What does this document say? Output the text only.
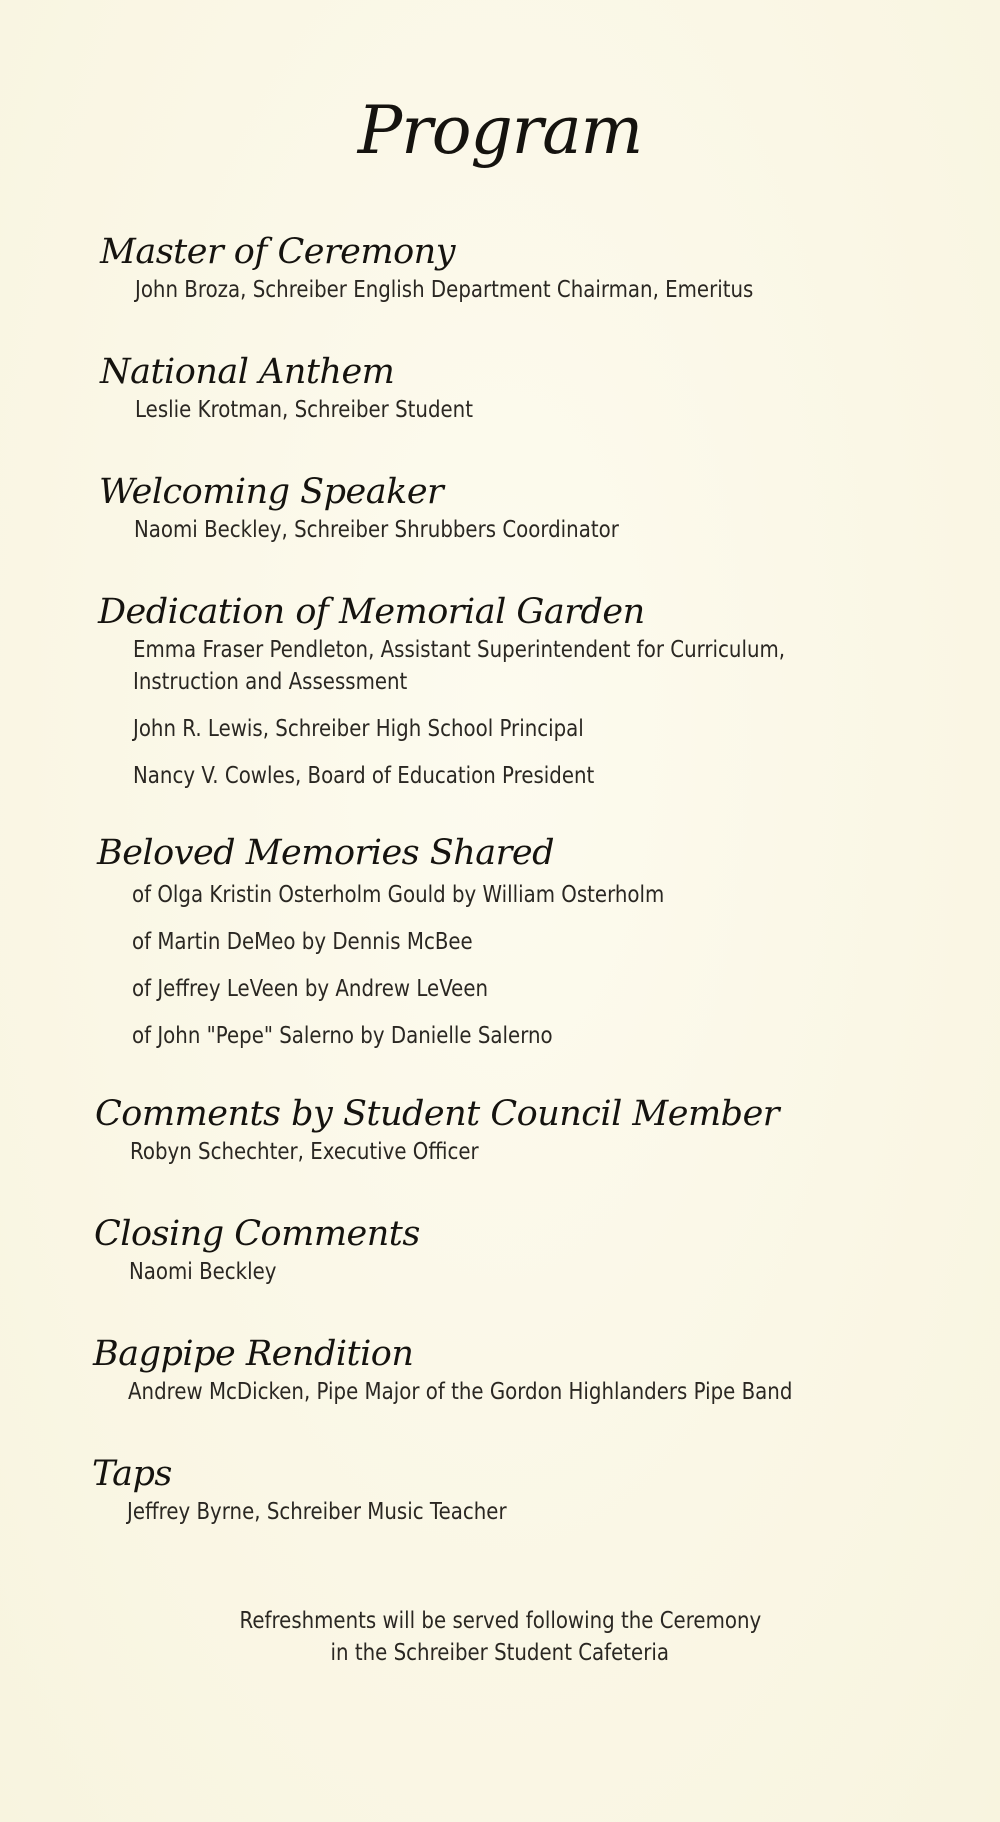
Program
Master of Ceremony
John Broza, Schreiber English Department Chairman, Emeritus
National Anthem
Leslie Krotman, Schreiber Student
Welcoming Speaker
Naomi Beckley, Schreiber Shrubbers Coordinator
Dedication of Memorial Garden
Emma Fraser Pendleton, Assistant Superintendent for Curriculum,
Instruction and Assessment
John R. Lewis, Schreiber High School Principal
Nancy V. Cowles, Board of Education President
Beloved Memories Shared
of Olga Kristin Osterholm Gould by William Osterholm
of Martin DeMeo by Dennis McBee
of Jeffrey LeVeen by Andrew LeVeen
of John "Pepe" Salerno by Danielle Salerno
Comments by Student Council Member
Robyn Schechter, Executive Officer
Closing Comments
Naomi Beckley
Bagpipe Rendition
Andrew McDicken, Pipe Major of the Gordon Highlanders Pipe Band
Taps
Jeffrey Byrne, Schreiber Music Teacher
Refreshments will be served following the Ceremony
in the Schreiber Student Cafeteria
